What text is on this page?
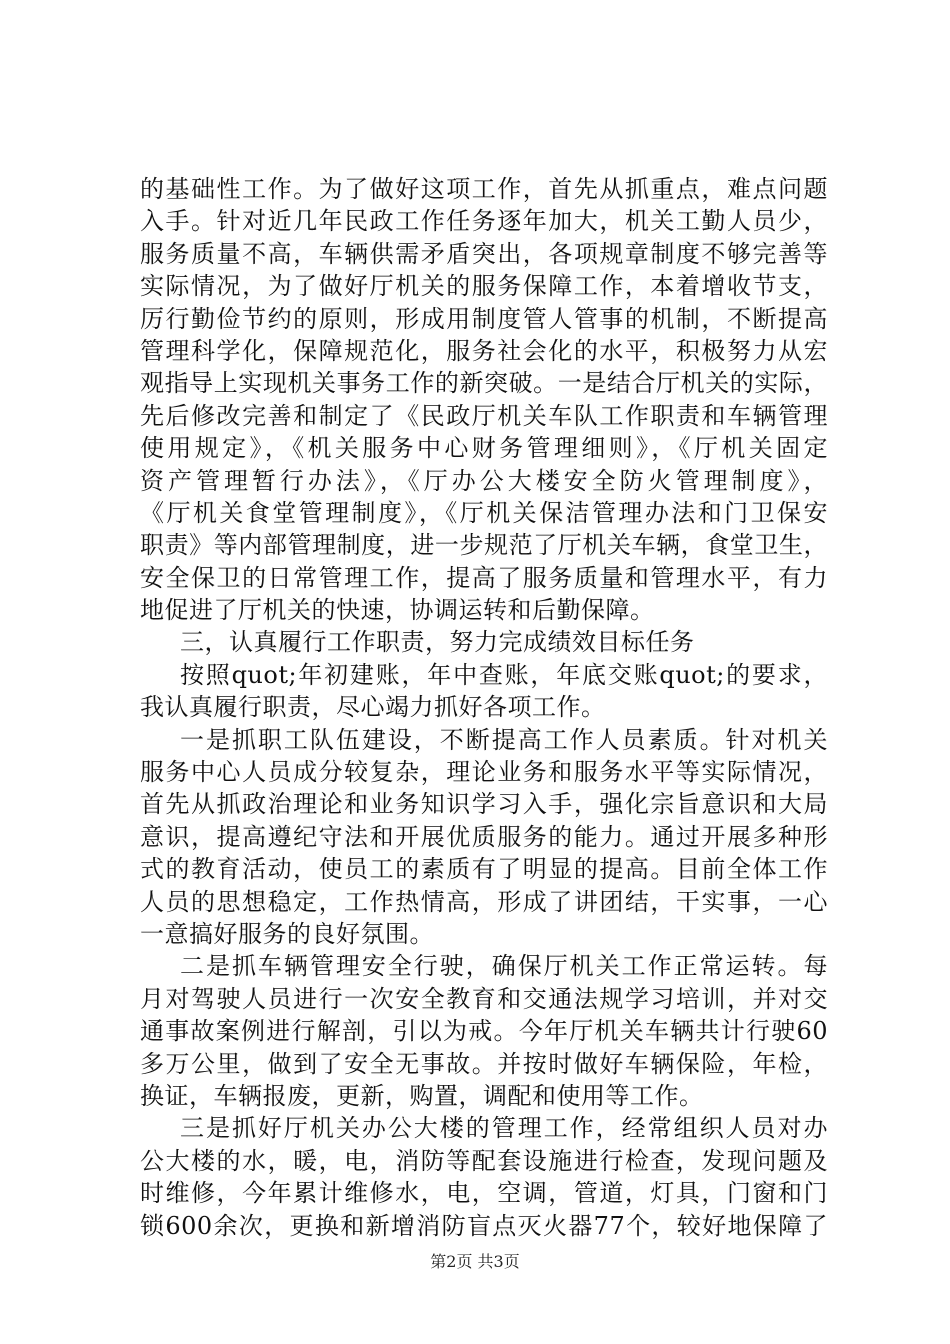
的基础性工作。为了做好这项工作，首先从抓重点，难点问题
入手。针对近几年民政工作任务逐年加大，机关工勤人员少，
服务质量不高，车辆供需矛盾突出，各项规章制度不够完善等
实际情况，为了做好厅机关的服务保障工作，本着增收节支，
厉行勤俭节约的原则，形成用制度管人管事的机制，不断提高
管理科学化，保障规范化，服务社会化的水平，积极努力从宏
观指导上实现机关事务工作的新突破。一是结合厅机关的实际，
先后修改完善和制定了《民政厅机关车队工作职责和车辆管理
使用规定》，《机关服务中心财务管理细则》，《厅机关固定
资产管理暂行办法》，《厅办公大楼安全防火管理制度》，
《厅机关食堂管理制度》，《厅机关保洁管理办法和门卫保安
职责》等内部管理制度，进一步规范了厅机关车辆，食堂卫生，
安全保卫的日常管理工作，提高了服务质量和管理水平，有力
地促进了厅机关的快速，协调运转和后勤保障。
三，认真履行工作职责，努力完成绩效目标任务
按照quot;年初建账，年中查账，年底交账quot;的要求，
我认真履行职责，尽心竭力抓好各项工作。
一是抓职工队伍建设，不断提高工作人员素质。针对机关
服务中心人员成分较复杂，理论业务和服务水平等实际情况，
首先从抓政治理论和业务知识学习入手，强化宗旨意识和大局
意识，提高遵纪守法和开展优质服务的能力。通过开展多种形
式的教育活动，使员工的素质有了明显的提高。目前全体工作
人员的思想稳定，工作热情高，形成了讲团结，干实事，一心
一意搞好服务的良好氛围。
二是抓车辆管理安全行驶，确保厅机关工作正常运转。每
月对驾驶人员进行一次安全教育和交通法规学习培训，并对交
通事故案例进行解剖，引以为戒。今年厅机关车辆共计行驶60
多万公里，做到了安全无事故。并按时做好车辆保险，年检，
换证，车辆报废，更新，购置，调配和使用等工作。
三是抓好厅机关办公大楼的管理工作，经常组织人员对办
公大楼的水，暖，电，消防等配套设施进行检查，发现问题及
时维修，今年累计维修水，电，空调，管道，灯具，门窗和门
锁600余次，更换和新增消防盲点灭火器77个，较好地保障了
第2页 共3页
